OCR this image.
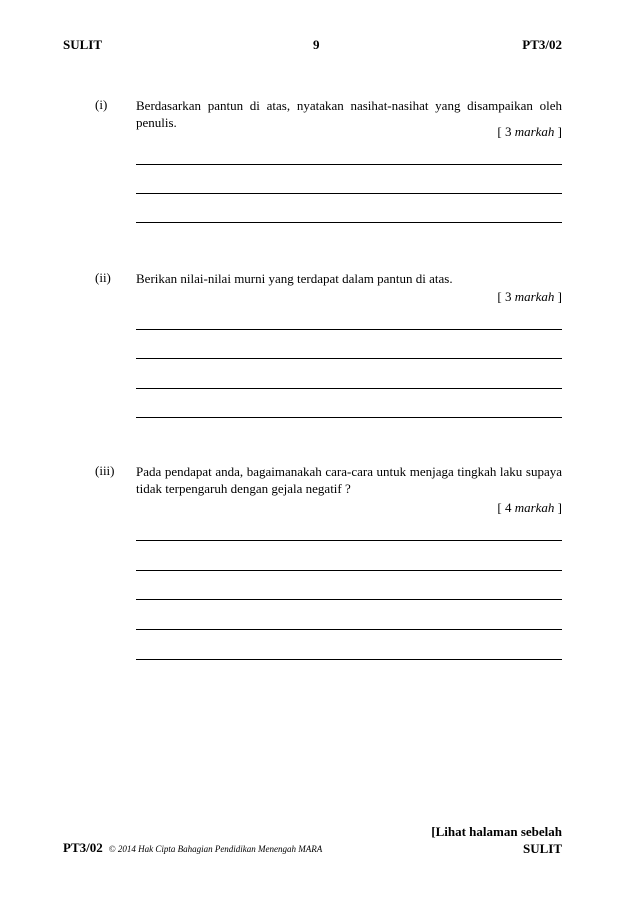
SULIT	9	PT3/02
(i) Berdasarkan pantun di atas, nyatakan nasihat-nasihat yang disampaikan oleh penulis.
[ 3 markah ]
(ii) Berikan nilai-nilai murni yang terdapat dalam pantun di atas.
[ 3 markah ]
(iii) Pada pendapat anda, bagaimanakah cara-cara untuk menjaga tingkah laku supaya tidak terpengaruh dengan gejala negatif ?
[ 4 markah ]
[Lihat halaman sebelah
SULIT
PT3/02 © 2014 Hak Cipta Bahagian Pendidikan Menengah MARA
